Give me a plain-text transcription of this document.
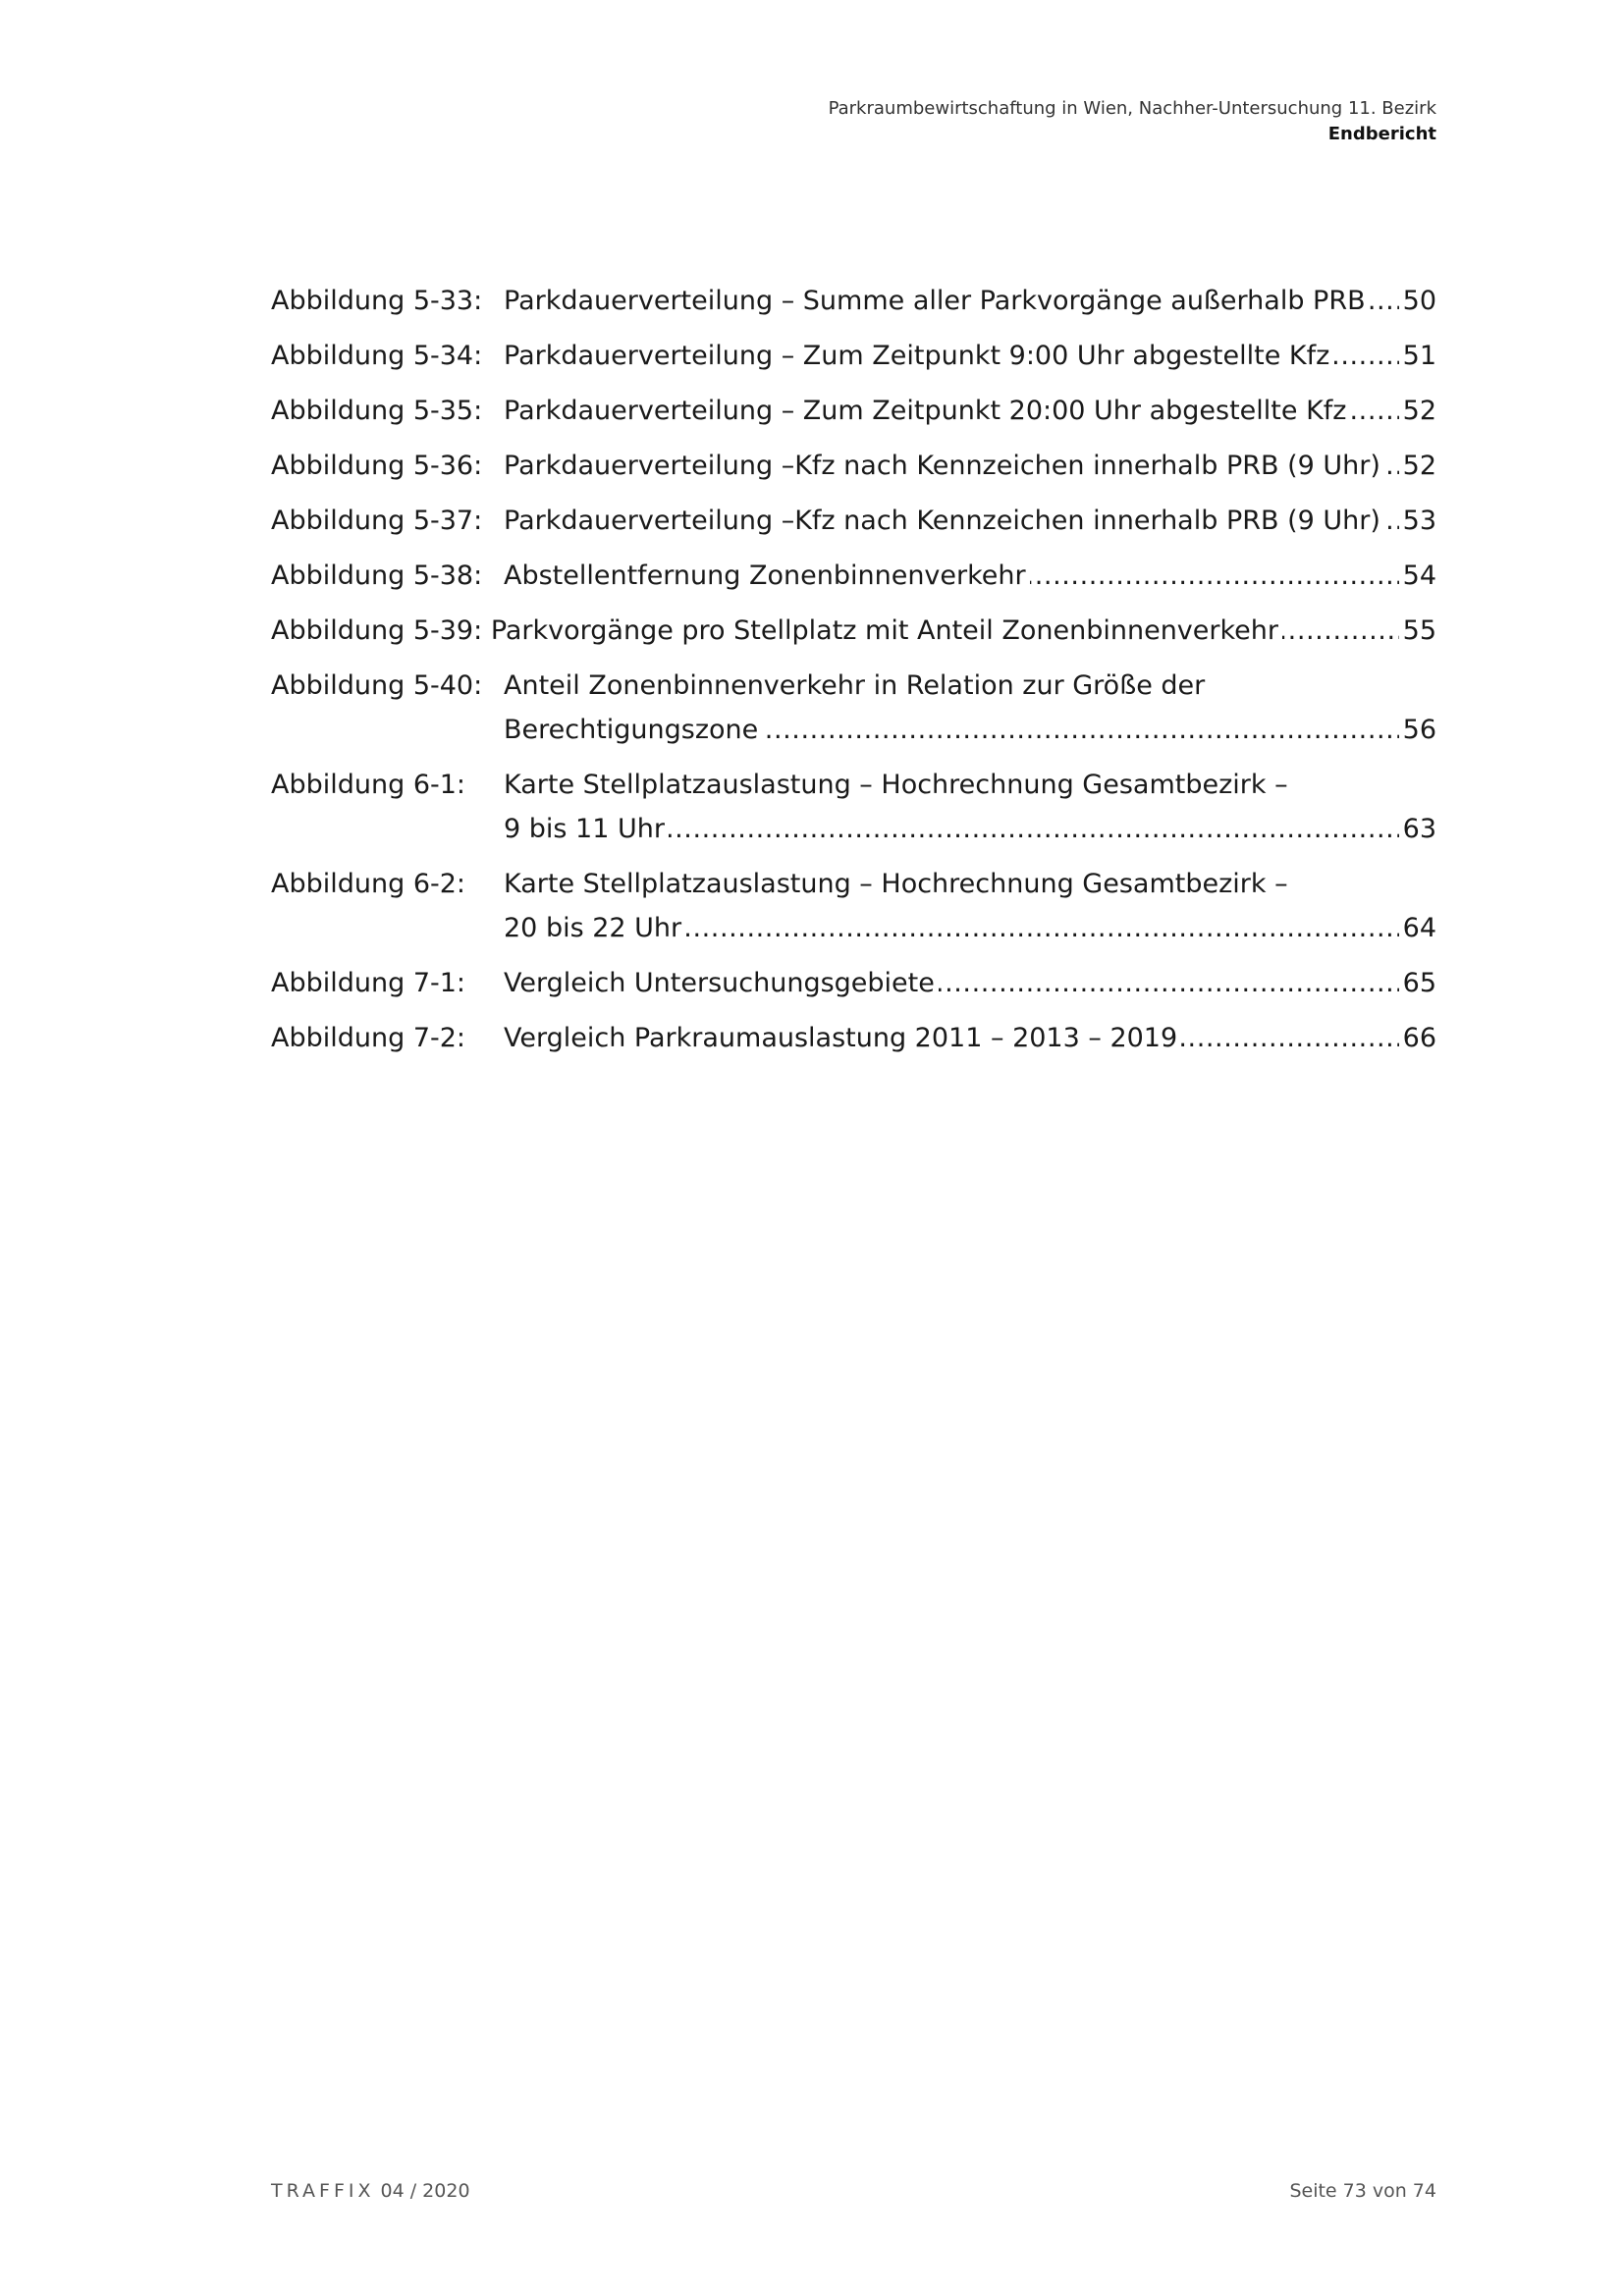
Parkraumbewirtschaftung in Wien, Nachher-Untersuchung 11. Bezirk
Endbericht
Abbildung 5-33: Parkdauerverteilung – Summe aller Parkvorgänge außerhalb PRB 50
. . .
Abbildung 5-34: Parkdauerverteilung – Zum Zeitpunkt 9:00 Uhr abgestellte Kfz	51
. . .
Abbildung 5-35: Parkdauerverteilung – Zum Zeitpunkt 20:00 Uhr abgestellte Kfz 52
. . .
Abbildung 5-36: Parkdauerverteilung –Kfz nach Kennzeichen innerhalb PRB (9 Uhr) 52
. . .
Abbildung 5-37: Parkdauerverteilung –Kfz nach Kennzeichen innerhalb PRB (9 Uhr) 53
. . .
Abbildung 5-38: Abstellentfernung Zonenbinnenverkehr	54
. . .
Abbildung 5-39: Parkvorgänge pro Stellplatz mit Anteil Zonenbinnenverkehr	55
. . .
Abbildung 5-40: Anteil Zonenbinnenverkehr in Relation zur Größe der
Berechtigungszone	56
. . .
Abbildung 6-1: Karte Stellplatzauslastung – Hochrechnung Gesamtbezirk –
9 bis 11 Uhr	63
. . .
Abbildung 6-2: Karte Stellplatzauslastung – Hochrechnung Gesamtbezirk –
20 bis 22 Uhr	64
. . .
Abbildung 7-1: Vergleich Untersuchungsgebiete	65
. . .
Abbildung 7-2: Vergleich Parkraumauslastung 2011 – 2013 – 2019	66
. . .
TRAFFIX 04 / 2020	Seite 73 von 74
